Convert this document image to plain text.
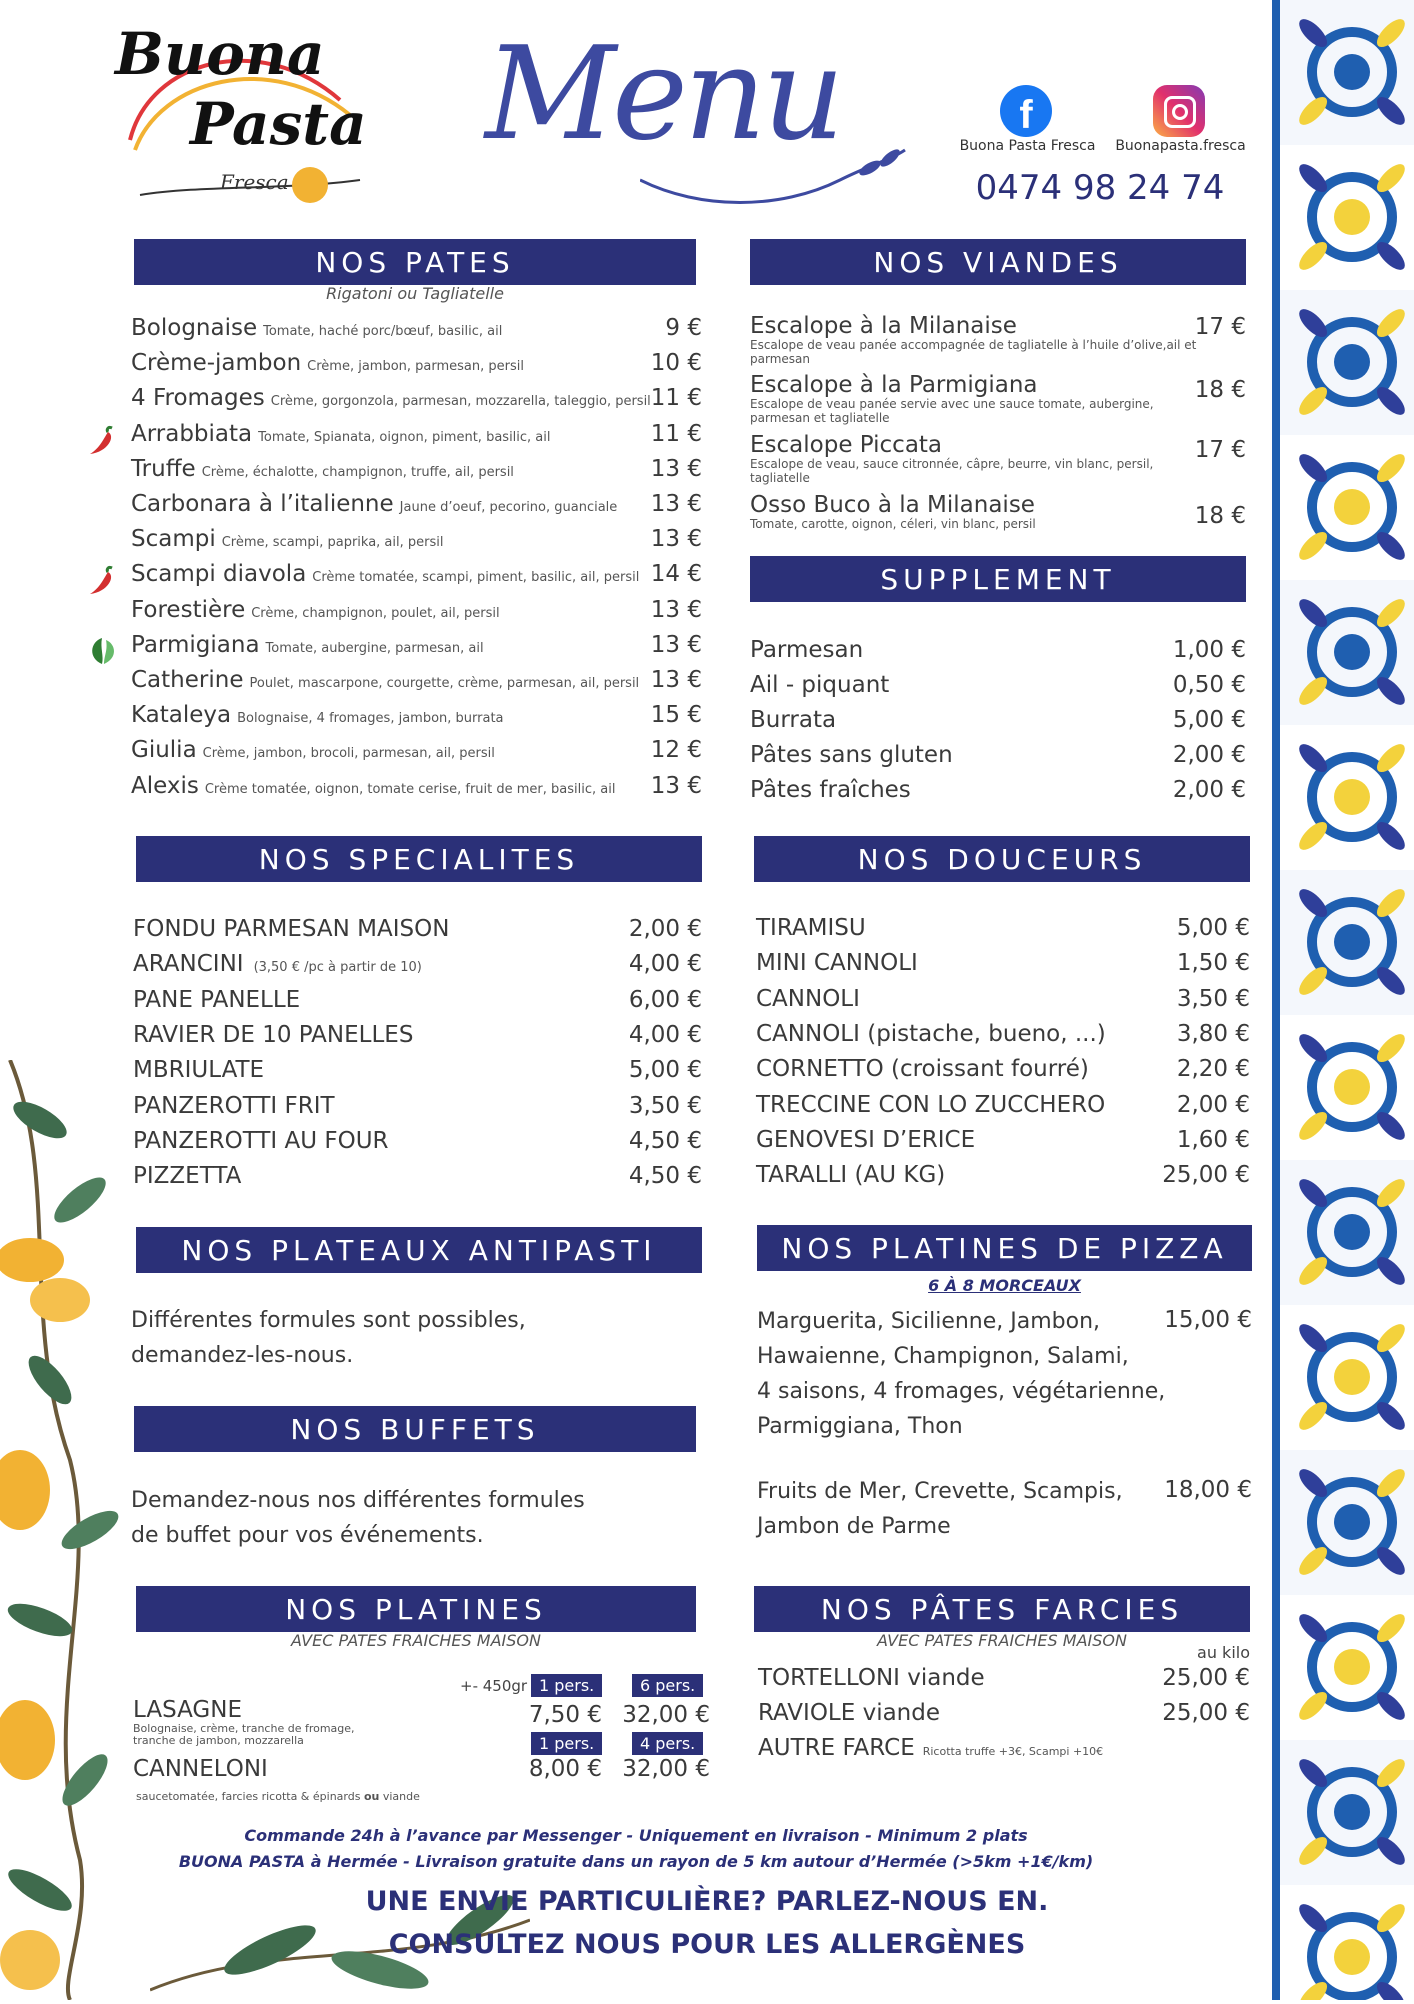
Buona
Pasta
Fresca
Menu	f
Buona Pasta Fresca	Buonapasta.fresca
0474 98 24 74
NOS PATES
Rigatoni ou Tagliatelle
Bolognaise Tomate, haché porc/bœuf, basilic, ail	9 €
Crème-jambon Crème, jambon, parmesan, persil	10 €
4 Fromages Crème, gorgonzola, parmesan, mozzarella, taleggio, persil 11 €
Arrabbiata Tomate, Spianata, oignon, piment, basilic, ail	11 €
Truffe Crème, échalotte, champignon, truffe, ail, persil	13 €
Carbonara à l’italienne Jaune d’oeuf, pecorino, guanciale	13 €
Scampi Crème, scampi, paprika, ail, persil	13 €
Scampi diavola Crème tomatée, scampi, piment, basilic, ail, persil 14 €
Forestière Crème, champignon, poulet, ail, persil	13 €
Parmigiana Tomate, aubergine, parmesan, ail	13 €
Catherine Poulet, mascarpone, courgette, crème, parmesan, ail, persil 13 €
Kataleya Bolognaise, 4 fromages, jambon, burrata	15 €
Giulia Crème, jambon, brocoli, parmesan, ail, persil	12 €
Alexis Crème tomatée, oignon, tomate cerise, fruit de mer, basilic, ail	13 €
NOS VIANDES
Escalope à la Milanaise
Escalope de veau panée accompagnée de tagliatelle à l’huile d’olive,ail et parmesan
17 €
Escalope à la Parmigiana
Escalope de veau panée servie avec une sauce tomate, aubergine, parmesan et tagliatelle
18 €
Escalope Piccata
Escalope de veau, sauce citronnée, câpre, beurre, vin blanc, persil, tagliatelle
17 €
Osso Buco à la Milanaise
Tomate, carotte, oignon, céleri, vin blanc, persil	18 €
SUPPLEMENT
Parmesan	1,00 €
Ail - piquant	0,50 €
Burrata	5,00 €
Pâtes sans gluten	2,00 €
Pâtes fraîches	2,00 €
NOS SPECIALITES
FONDU PARMESAN MAISON	2,00 €
ARANCINI (3,50 € /pc à partir de 10)	4,00 €
PANE PANELLE	6,00 €
RAVIER DE 10 PANELLES	4,00 €
MBRIULATE	5,00 €
PANZEROTTI FRIT	3,50 €
PANZEROTTI AU FOUR	4,50 €
PIZZETTA	4,50 €
NOS DOUCEURS
TIRAMISU	5,00 €
MINI CANNOLI	1,50 €
CANNOLI	3,50 €
CANNOLI (pistache, bueno, ...)	3,80 €
CORNETTO (croissant fourré)	2,20 €
TRECCINE CON LO ZUCCHERO	2,00 €
GENOVESI D’ERICE	1,60 €
TARALLI (AU KG)	25,00 €
NOS PLATEAUX ANTIPASTI
Différentes formules sont possibles,
demandez-les-nous.
NOS PLATINES DE PIZZA
6 À 8 MORCEAUX
Marguerita, Sicilienne, Jambon,
Hawaienne, Champignon, Salami,
4 saisons, 4 fromages, végétarienne,
Parmiggiana, Thon
15,00 €
Fruits de Mer, Crevette, Scampis,
Jambon de Parme
18,00 €
NOS BUFFETS
Demandez-nous nos différentes formules
de buffet pour vos événements.
NOS PLATINES
AVEC PATES FRAICHES MAISON
+- 450gr 1 pers.	6 pers.
LASAGNE
Bolognaise, crème, tranche de fromage,
tranche de jambon, mozzarella
7,50 € 32,00 €
1 pers.	4 pers.
CANNELONI
saucetomatée, farcies ricotta & épinards ou viande
8,00 € 32,00 €
NOS PÂTES FARCIES
AVEC PATES FRAICHES MAISON
au kilo
TORTELLONI viande	25,00 €
RAVIOLE viande	25,00 €
AUTRE FARCE Ricotta truffe +3€, Scampi +10€
Commande 24h à l’avance par Messenger - Uniquement en livraison - Minimum 2 plats
BUONA PASTA à Hermée - Livraison gratuite dans un rayon de 5 km autour d’Hermée (>5km +1€/km)
UNE ENVIE PARTICULIÈRE? PARLEZ-NOUS EN.
CONSULTEZ NOUS POUR LES ALLERGÈNES
